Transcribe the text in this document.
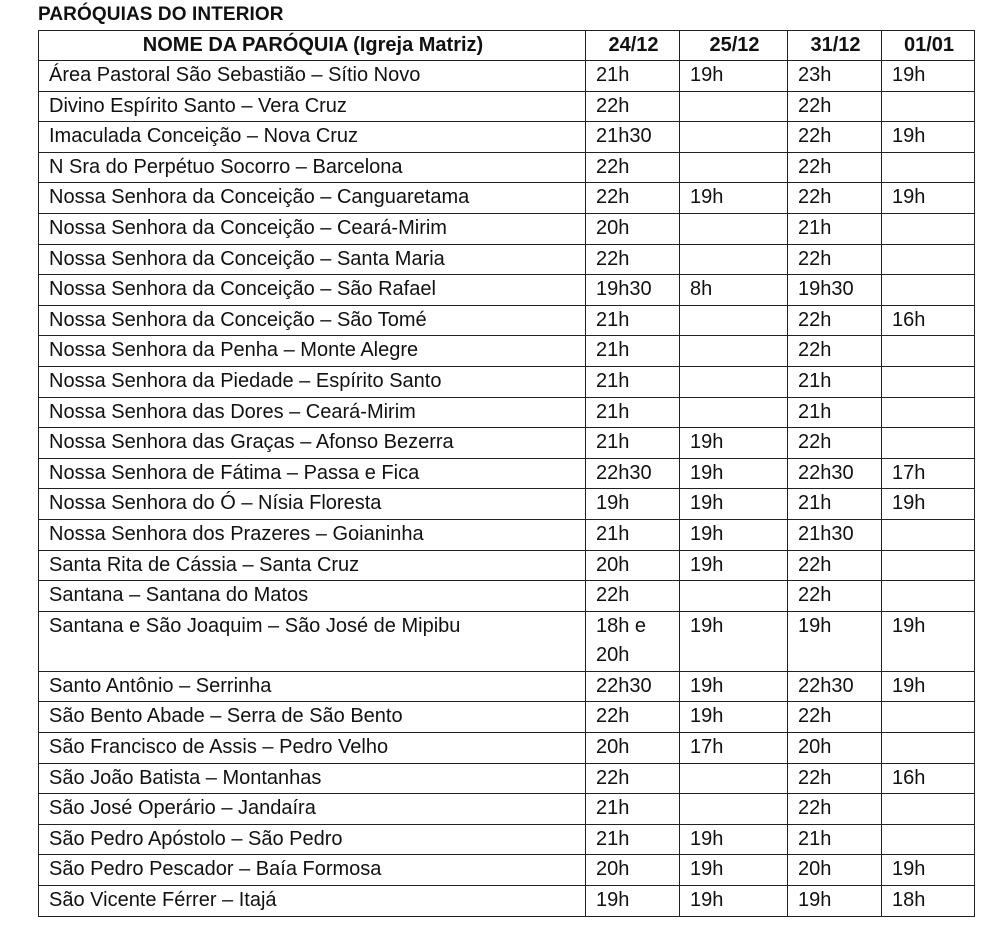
PARÓQUIAS DO INTERIOR
NOME DA PARÓQUIA (Igreja Matriz)	24/12	25/12	31/12	01/01
Área Pastoral São Sebastião – Sítio Novo	21h	19h	23h	19h
Divino Espírito Santo – Vera Cruz	22h		22h	
Imaculada Conceição – Nova Cruz	21h30		22h	19h
N Sra do Perpétuo Socorro – Barcelona	22h		22h	
Nossa Senhora da Conceição – Canguaretama	22h	19h	22h	19h
Nossa Senhora da Conceição – Ceará-Mirim	20h		21h	
Nossa Senhora da Conceição – Santa Maria	22h		22h	
Nossa Senhora da Conceição – São Rafael	19h30	8h	19h30	
Nossa Senhora da Conceição – São Tomé	21h		22h	16h
Nossa Senhora da Penha – Monte Alegre	21h		22h	
Nossa Senhora da Piedade – Espírito Santo	21h		21h	
Nossa Senhora das Dores – Ceará-Mirim	21h		21h	
Nossa Senhora das Graças – Afonso Bezerra	21h	19h	22h	
Nossa Senhora de Fátima – Passa e Fica	22h30	19h	22h30	17h
Nossa Senhora do Ó – Nísia Floresta	19h	19h	21h	19h
Nossa Senhora dos Prazeres – Goianinha	21h	19h	21h30	
Santa Rita de Cássia – Santa Cruz	20h	19h	22h	
Santana – Santana do Matos	22h		22h	
Santana e São Joaquim – São José de Mipibu	18h e 20h	19h	19h	19h
Santo Antônio – Serrinha	22h30	19h	22h30	19h
São Bento Abade – Serra de São Bento	22h	19h	22h	
São Francisco de Assis – Pedro Velho	20h	17h	20h	
São João Batista – Montanhas	22h		22h	16h
São José Operário – Jandaíra	21h		22h	
São Pedro Apóstolo – São Pedro	21h	19h	21h	
São Pedro Pescador – Baía Formosa	20h	19h	20h	19h
São Vicente Férrer – Itajá	19h	19h	19h	18h
